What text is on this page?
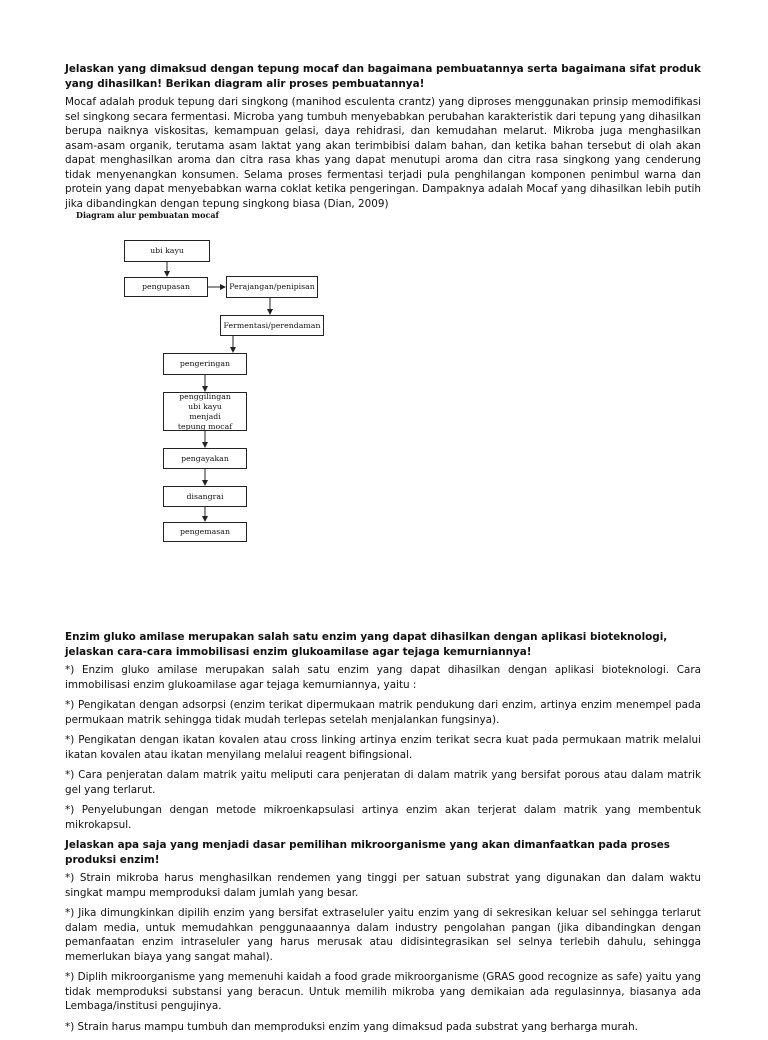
Jelaskan yang dimaksud dengan tepung mocaf dan bagaimana pembuatannya serta bagaimana sifat produk yang dihasilkan! Berikan diagram alir proses pembuatannya!

Mocaf adalah produk tepung dari singkong (manihod esculenta crantz) yang diproses menggunakan prinsip memodifikasi sel singkong secara fermentasi. Microba yang tumbuh menyebabkan perubahan karakteristik dari tepung yang dihasilkan berupa naiknya viskositas, kemampuan gelasi, daya rehidrasi, dan kemudahan melarut. Mikroba juga menghasilkan asam-asam organik, terutama asam laktat yang akan terimbibisi dalam bahan, dan ketika bahan tersebut di olah akan dapat menghasilkan aroma dan citra rasa khas yang dapat menutupi aroma dan citra rasa singkong yang cenderung tidak menyenangkan konsumen. Selama proses fermentasi terjadi pula penghilangan komponen penimbul warna dan protein yang dapat menyebabkan warna coklat ketika pengeringan. Dampaknya adalah Mocaf yang dihasilkan lebih putih jika dibandingkan dengan tepung singkong biasa (Dian, 2009)

Diagram alur pembuatan mocaf
ubi kayu
pengupasan	Perajangan/penipisan
Fermentasi/perendaman
pengeringan
penggilingan ubi kayu menjadi tepung mocaf
pengayakan
disangrai
pengemasan

Enzim gluko amilase merupakan salah satu enzim yang dapat dihasilkan dengan aplikasi bioteknologi, jelaskan cara-cara immobilisasi enzim glukoamilase agar tejaga kemurniannya!

*) Enzim gluko amilase merupakan salah satu enzim yang dapat dihasilkan dengan aplikasi bioteknologi. Cara immobilisasi enzim glukoamilase agar tejaga kemurniannya, yaitu :

*) Pengikatan dengan adsorpsi (enzim terikat dipermukaan matrik pendukung dari enzim, artinya enzim menempel pada permukaan matrik sehingga tidak mudah terlepas setelah menjalankan fungsinya).

*) Pengikatan dengan ikatan kovalen atau cross linking artinya enzim terikat secra kuat pada permukaan matrik melalui ikatan kovalen atau ikatan menyilang melalui reagent bifingsional.

*) Cara penjeratan dalam matrik yaitu meliputi cara penjeratan di dalam matrik yang bersifat porous atau dalam matrik gel yang terlarut.

*) Penyelubungan dengan metode mikroenkapsulasi artinya enzim akan terjerat dalam matrik yang membentuk mikrokapsul.

Jelaskan apa saja yang menjadi dasar pemilihan mikroorganisme yang akan dimanfaatkan pada proses produksi enzim!

*) Strain mikroba harus menghasilkan rendemen yang tinggi per satuan substrat yang digunakan dan dalam waktu singkat mampu memproduksi dalam jumlah yang besar.

*) Jika dimungkinkan dipilih enzim yang bersifat extraseluler yaitu enzim yang di sekresikan keluar sel sehingga terlarut dalam media, untuk memudahkan penggunaaannya dalam industry pengolahan pangan (jika dibandingkan dengan pemanfaatan enzim intraseluler yang harus merusak atau didisintegrasikan sel selnya terlebih dahulu, sehingga memerlukan biaya yang sangat mahal).

*) Diplih mikroorganisme yang memenuhi kaidah a food grade mikroorganisme (GRAS good recognize as safe) yaitu yang tidak memproduksi substansi yang beracun. Untuk memilih mikroba yang demikaian ada regulasinnya, biasanya ada Lembaga/institusi pengujinya.

*) Strain harus mampu tumbuh dan memproduksi enzim yang dimaksud pada substrat yang berharga murah.
